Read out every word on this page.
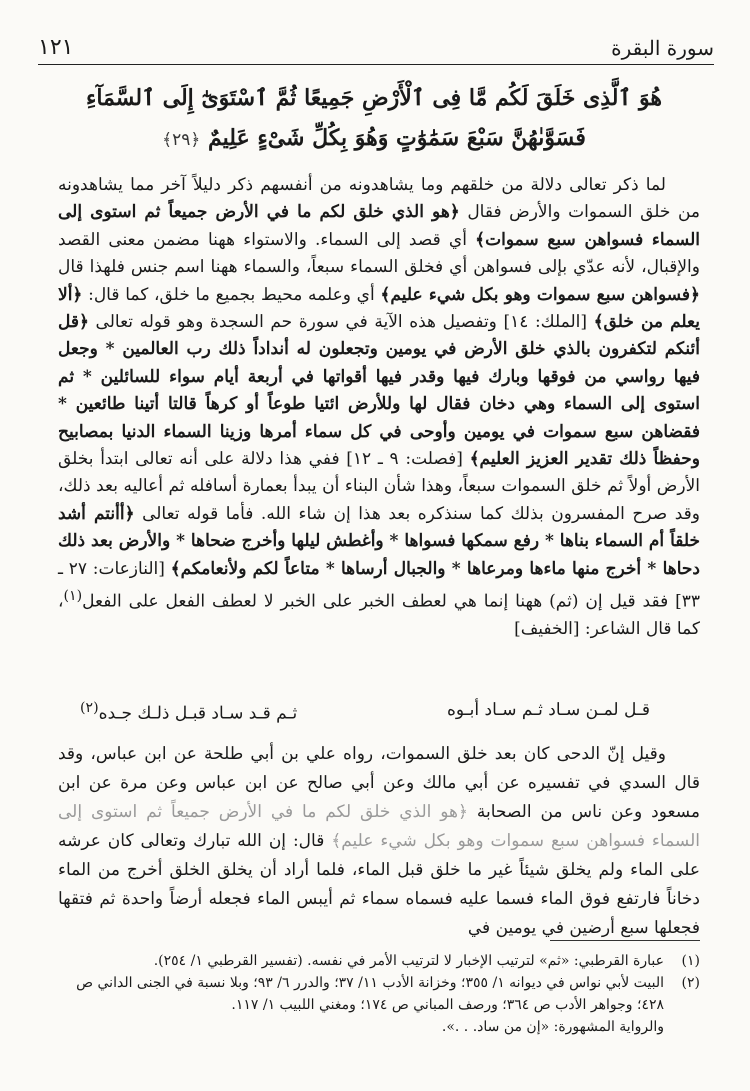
سورة البقرة
١٢١
هُوَ ٱلَّذِى خَلَقَ لَكُم مَّا فِى ٱلْأَرْضِ جَمِيعًا ثُمَّ ٱسْتَوَىٰٓ إِلَى ٱلسَّمَآءِ فَسَوَّىٰهُنَّ سَبْعَ سَمَٰوَٰتٍ وَهُوَ بِكُلِّ شَىْءٍ عَلِيمٌ ﴿٢٩﴾

لما ذكر تعالى دلالة من خلقهم وما يشاهدونه من أنفسهم ذكر دليلاً آخر مما يشاهدونه من خلق السموات والأرض فقال ﴿هو الذي خلق لكم ما في الأرض جميعاً ثم استوى إلى السماء فسواهن سبع سموات﴾ أي قصد إلى السماء. والاستواء ههنا مضمن معنى القصد والإقبال، لأنه عدّي بإلى فسواهن أي فخلق السماء سبعاً، والسماء ههنا اسم جنس فلهذا قال ﴿فسواهن سبع سموات وهو بكل شيء عليم﴾ أي وعلمه محيط بجميع ما خلق، كما قال: ﴿ألا يعلم من خلق﴾ [الملك: ١٤] وتفصيل هذه الآية في سورة حم السجدة وهو قوله تعالى ﴿قل أئنكم لتكفرون بالذي خلق الأرض في يومين وتجعلون له أنداداً ذلك رب العالمين * وجعل فيها رواسي من فوقها وبارك فيها وقدر فيها أقواتها في أربعة أيام سواء للسائلين * ثم استوى إلى السماء وهي دخان فقال لها وللأرض ائتيا طوعاً أو كرهاً قالتا أتينا طائعين * فقضاهن سبع سموات في يومين وأوحى في كل سماء أمرها وزينا السماء الدنيا بمصابيح وحفظاً ذلك تقدير العزيز العليم﴾ [فصلت: ٩ ـ ١٢] ففي هذا دلالة على أنه تعالى ابتدأ بخلق الأرض أولاً ثم خلق السموات سبعاً، وهذا شأن البناء أن يبدأ بعمارة أسافله ثم أعاليه بعد ذلك، وقد صرح المفسرون بذلك كما سنذكره بعد هذا إن شاء الله. فأما قوله تعالى ﴿أأنتم أشد خلقاً أم السماء بناها * رفع سمكها فسواها * وأغطش ليلها وأخرج ضحاها * والأرض بعد ذلك دحاها * أخرج منها ماءها ومرعاها * والجبال أرساها * متاعاً لكم ولأنعامكم﴾ [النازعات: ٢٧ ـ ٣٣] فقد قيل إن (ثم) ههنا إنما هي لعطف الخبر على الخبر لا لعطف الفعل على الفعل$^{(١)}$، كما قال الشاعر: [الخفيف]

قـل لمـن سـاد ثـم سـاد أبـوه
ثـم قـد سـاد قبـل ذلـك جـده$^{(٢)}$

وقيل إنّ الدحى كان بعد خلق السموات، رواه علي بن أبي طلحة عن ابن عباس، وقد قال السدي في تفسيره عن أبي مالك وعن أبي صالح عن ابن عباس وعن مرة عن ابن مسعود وعن ناس من الصحابة ﴿هو الذي خلق لكم ما في الأرض جميعاً ثم استوى إلى السماء فسواهن سبع سموات وهو بكل شيء عليم﴾ قال: إن الله تبارك وتعالى كان عرشه على الماء ولم يخلق شيئاً غير ما خلق قبل الماء، فلما أراد أن يخلق الخلق أخرج من الماء دخاناً فارتفع فوق الماء فسما عليه فسماه سماء ثم أيبس الماء فجعله أرضاً واحدة ثم فتقها فجعلها سبع أرضين في يومين في

(١)
عبارة القرطبي: «ثم» لترتيب الإخبار لا لترتيب الأمر في نفسه. (تفسير القرطبي ١/ ٢٥٤).
(٢)
البيت لأبي نواس في ديوانه ١/ ٣٥٥؛ وخزانة الأدب ١١/ ٣٧؛ والدرر ٦/ ٩٣؛ وبلا نسبة في الجنى الداني ص ٤٢٨؛ وجواهر الأدب ص ٣٦٤؛ ورصف المباني ص ١٧٤؛ ومغني اللبيب ١/ ١١٧.
والرواية المشهورة: «إن من ساد. . .».
